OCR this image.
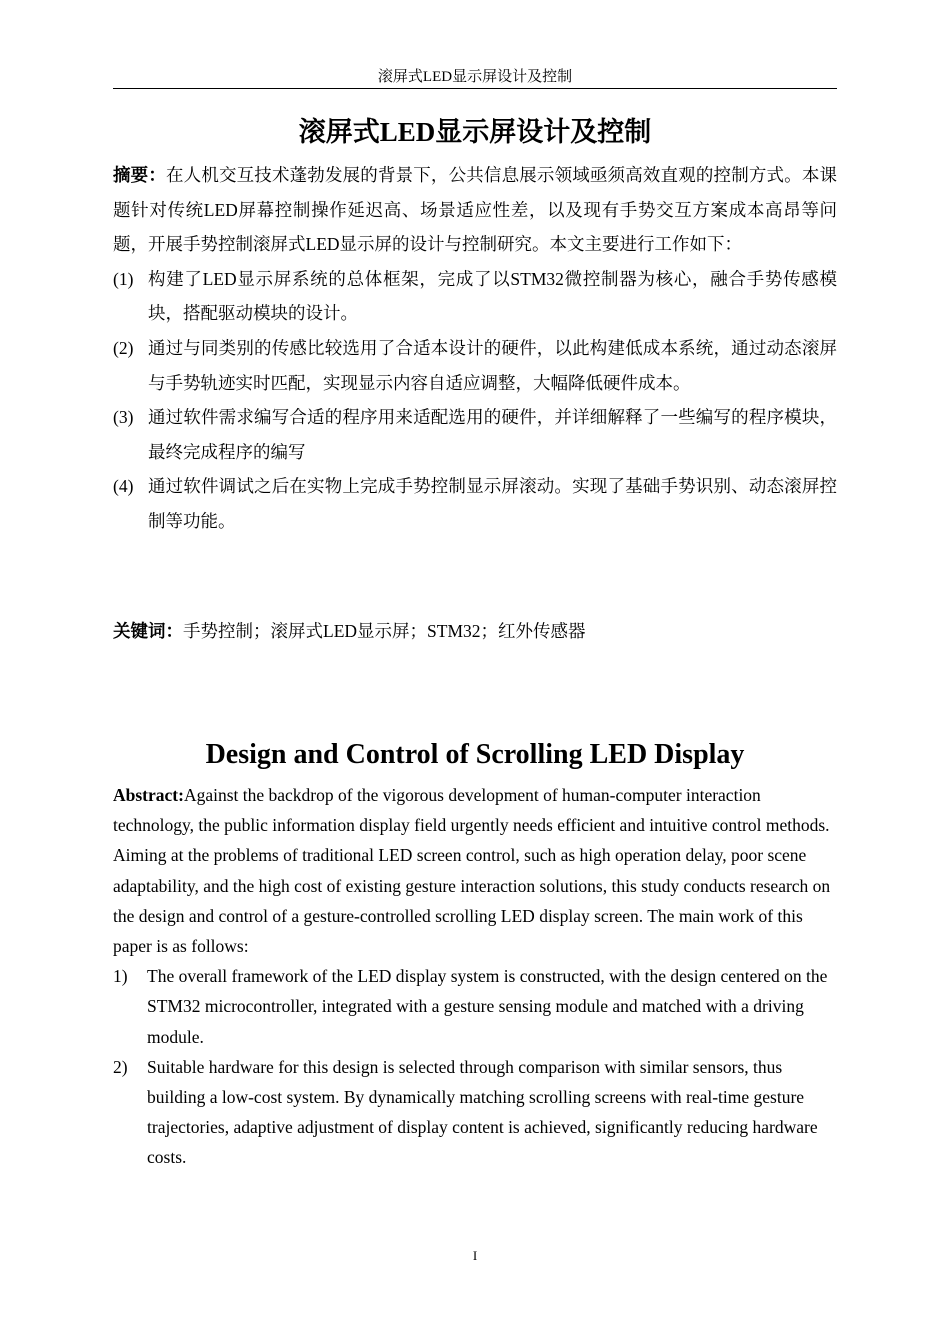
滚屏式LED显示屏设计及控制
滚屏式LED显示屏设计及控制

摘要：在人机交互技术蓬勃发展的背景下，公共信息展示领域亟须高效直观的控制方式。本课题针对传统LED屏幕控制操作延迟高、场景适应性差，以及现有手势交互方案成本高昂等问题，开展手势控制滚屏式LED显示屏的设计与控制研究。本文主要进行工作如下：

(1) 构建了LED显示屏系统的总体框架，完成了以STM32微控制器为核心，融合手势传感模块，搭配驱动模块的设计。
(2) 通过与同类别的传感比较选用了合适本设计的硬件，以此构建低成本系统，通过动态滚屏与手势轨迹实时匹配，实现显示内容自适应调整，大幅降低硬件成本。
(3) 通过软件需求编写合适的程序用来适配选用的硬件，并详细解释了一些编写的程序模块，最终完成程序的编写
(4) 通过软件调试之后在实物上完成手势控制显示屏滚动。实现了基础手势识别、动态滚屏控制等功能。
关键词：手势控制；滚屏式LED显示屏；STM32；红外传感器
Design and Control of Scrolling LED Display

Abstract:Against the backdrop of the vigorous development of human-computer interaction technology, the public information display field urgently needs efficient and intuitive control methods. Aiming at the problems of traditional LED screen control, such as high operation delay, poor scene adaptability, and the high cost of existing gesture interaction solutions, this study conducts research on the design and control of a gesture-controlled scrolling LED display screen. The main work of this paper is as follows:

1) The overall framework of the LED display system is constructed, with the design centered on the STM32 microcontroller, integrated with a gesture sensing module and matched with a driving module.
2) Suitable hardware for this design is selected through comparison with similar sensors, thus building a low-cost system. By dynamically matching scrolling screens with real-time gesture trajectories, adaptive adjustment of display content is achieved, significantly reducing hardware costs.
I
